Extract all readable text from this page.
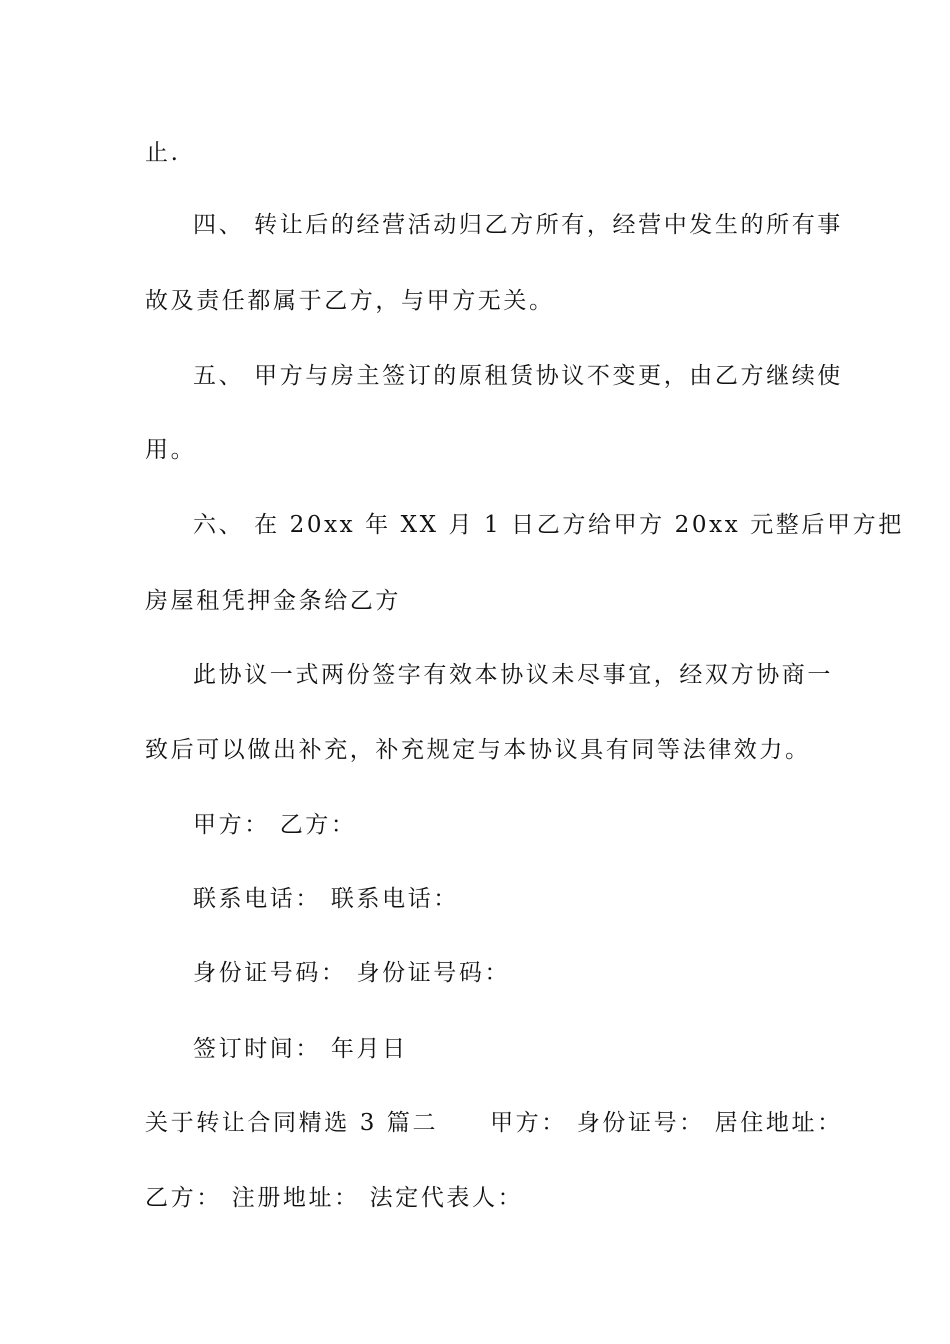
止.
四、 转让后的经营活动归乙方所有，经营中发生的所有事
故及责任都属于乙方，与甲方无关。
五、 甲方与房主签订的原租赁协议不变更，由乙方继续使
用。
六、 在 20xx 年 XX 月 1 日乙方给甲方 20xx 元整后甲方把
房屋租凭押金条给乙方
此协议一式两份签字有效本协议未尽事宜，经双方协商一
致后可以做出补充，补充规定与本协议具有同等法律效力。
甲方： 乙方：
联系电话： 联系电话：
身份证号码： 身份证号码：
签订时间： 年月日
关于转让合同精选 3 篇二 甲方： 身份证号： 居住地址：
乙方： 注册地址： 法定代表人：
